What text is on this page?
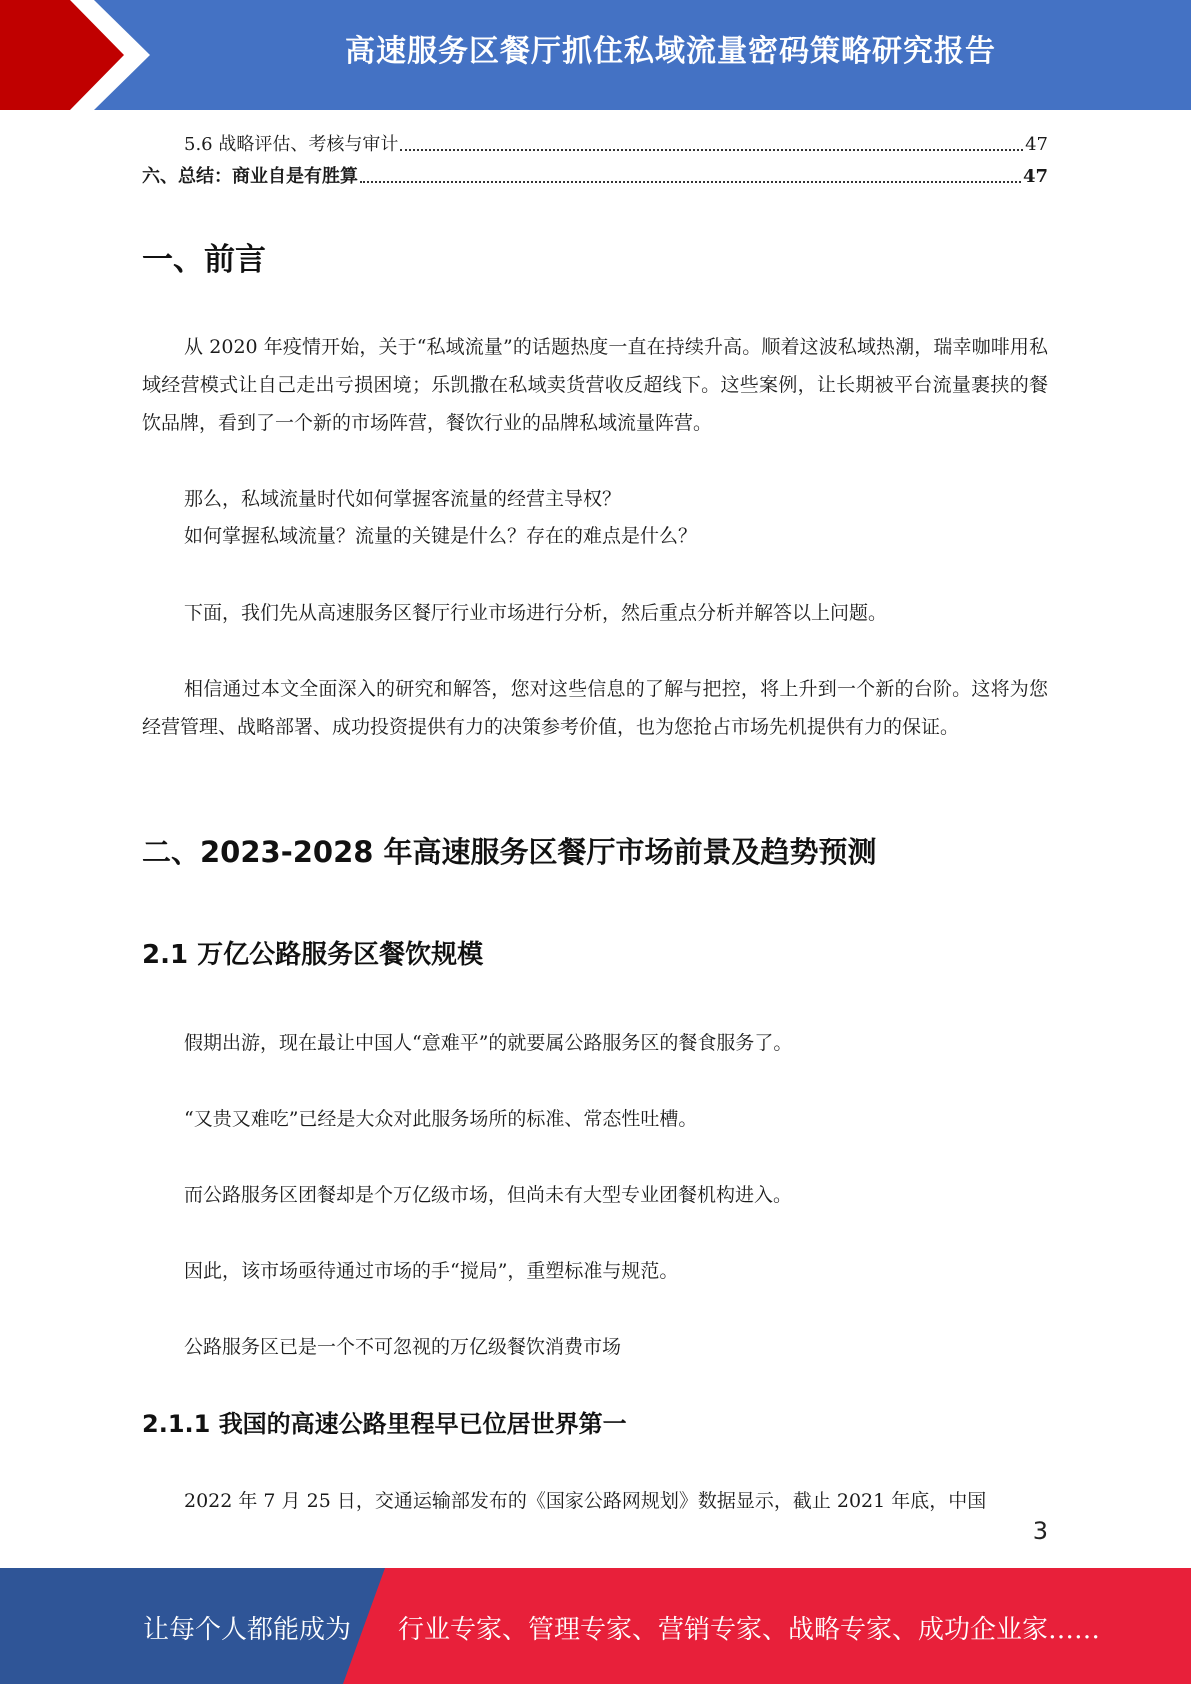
高速服务区餐厅抓住私域流量密码策略研究报告
5.6 战略评估、考核与审计	47
六、总结：商业自是有胜算	47
一、前言

从 2020 年疫情开始，关于“私域流量”的话题热度一直在持续升高。顺着这波私域热潮，瑞幸咖啡用私域经营模式让自己走出亏损困境；乐凯撒在私域卖货营收反超线下。这些案例，让长期被平台流量裹挟的餐饮品牌，看到了一个新的市场阵营，餐饮行业的品牌私域流量阵营。

那么，私域流量时代如何掌握客流量的经营主导权？

如何掌握私域流量？流量的关键是什么？存在的难点是什么？

下面，我们先从高速服务区餐厅行业市场进行分析，然后重点分析并解答以上问题。

相信通过本文全面深入的研究和解答，您对这些信息的了解与把控，将上升到一个新的台阶。这将为您经营管理、战略部署、成功投资提供有力的决策参考价值，也为您抢占市场先机提供有力的保证。

二、2023-2028 年高速服务区餐厅市场前景及趋势预测
2.1 万亿公路服务区餐饮规模

假期出游，现在最让中国人“意难平”的就要属公路服务区的餐食服务了。

“又贵又难吃”已经是大众对此服务场所的标准、常态性吐槽。

而公路服务区团餐却是个万亿级市场，但尚未有大型专业团餐机构进入。

因此，该市场亟待通过市场的手“搅局”，重塑标准与规范。

公路服务区已是一个不可忽视的万亿级餐饮消费市场

2.1.1 我国的高速公路里程早已位居世界第一

2022 年 7 月 25 日，交通运输部发布的《国家公路网规划》数据显示，截止 2021 年底，中国

3
让每个人都能成为 行业专家、管理专家、营销专家、战略专家、成功企业家……
